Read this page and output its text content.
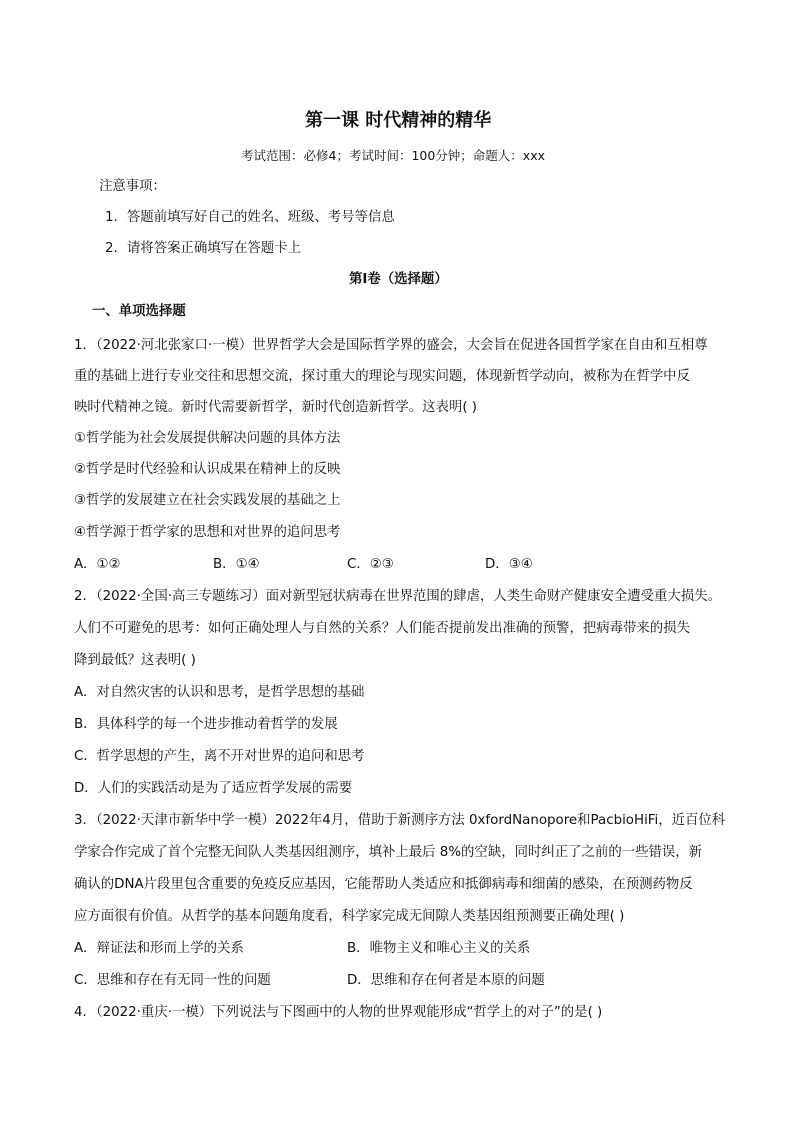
第一课 时代精神的精华
考试范围：必修4；考试时间：100分钟；命题人：xxx
注意事项：
1．答题前填写好自己的姓名、班级、考号等信息
2．请将答案正确填写在答题卡上
第I卷（选择题）
一、单项选择题
1．（2022·河北张家口·一模）世界哲学大会是国际哲学界的盛会，大会旨在促进各国哲学家在自由和互相尊
重的基础上进行专业交往和思想交流，探讨重大的理论与现实问题，体现新哲学动向，被称为在哲学中反
映时代精神之镜。新时代需要新哲学，新时代创造新哲学。这表明( )
①哲学能为社会发展提供解决问题的具体方法
②哲学是时代经验和认识成果在精神上的反映
③哲学的发展建立在社会实践发展的基础之上
④哲学源于哲学家的思想和对世界的追问思考
A．①②	B．①④	C．②③	D．③④
2．（2022·全国·高三专题练习）面对新型冠状病毒在世界范围的肆虐，人类生命财产健康安全遭受重大损失。
人们不可避免的思考：如何正确处理人与自然的关系？人们能否提前发出准确的预警，把病毒带来的损失
降到最低？这表明( )
A．对自然灾害的认识和思考，是哲学思想的基础
B．具体科学的每一个进步推动着哲学的发展
C．哲学思想的产生，离不开对世界的追问和思考
D．人们的实践活动是为了适应哲学发展的需要
3．（2022·天津市新华中学一模）2022年4月，借助于新测序方法 0xfordNanopore和PacbioHiFi，近百位科
学家合作完成了首个完整无间队人类基因组测序，填补上最后 8%的空缺，同时纠正了之前的一些错误，新
确认的DNA片段里包含重要的免疫反应基因，它能帮助人类适应和抵御病毒和细菌的感染，在预测药物反
应方面很有价值。从哲学的基本问题角度看，科学家完成无间隙人类基因组预测要正确处理( )
A．辩证法和形而上学的关系	B．唯物主义和唯心主义的关系
C．思维和存在有无同一性的问题	D．思维和存在何者是本原的问题
4．（2022·重庆·一模）下列说法与下图画中的人物的世界观能形成“哲学上的对子”的是( )
